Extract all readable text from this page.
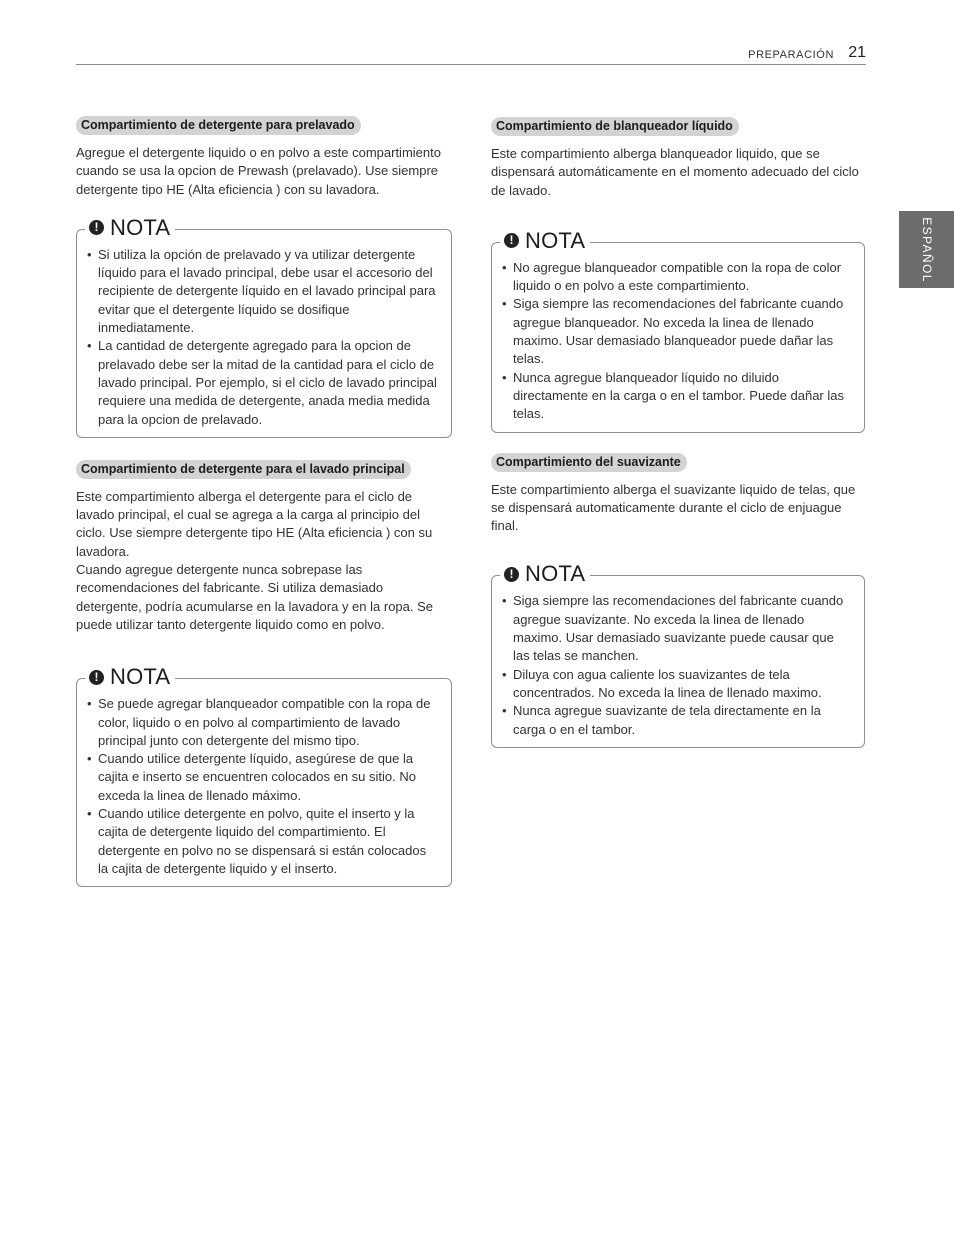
PREPARACIÓN 21
ESPAÑOL
Compartimiento de detergente para prelavado

Agregue el detergente liquido o en polvo a este compartimiento cuando se usa la opcion de Prewash (prelavado). Use siempre detergente tipo HE (Alta eficiencia ) con su lavadora.

! NOTA
• Si utiliza la opción de prelavado y va utilizar detergente líquido para el lavado principal, debe usar el accesorio del recipiente de detergente líquido en el lavado principal para evitar que el detergente líquido se dosifique inmediatamente.
• La cantidad de detergente agregado para la opcion de prelavado debe ser la mitad de la cantidad para el ciclo de lavado principal. Por ejemplo, si el ciclo de lavado principal requiere una medida de detergente, anada media medida para la opcion de prelavado.
Compartimiento de detergente para el lavado principal

Este compartimiento alberga el detergente para el ciclo de lavado principal, el cual se agrega a la carga al principio del ciclo. Use siempre detergente tipo HE (Alta eficiencia ) con su lavadora.

Cuando agregue detergente nunca sobrepase las recomendaciones del fabricante. Si utiliza demasiado detergente, podría acumularse en la lavadora y en la ropa. Se puede utilizar tanto detergente liquido como en polvo.

! NOTA
• Se puede agregar blanqueador compatible con la ropa de color, liquido o en polvo al compartimiento de lavado principal junto con detergente del mismo tipo.
• Cuando utilice detergente líquido, asegúrese de que la cajita e inserto se encuentren colocados en su sitio. No exceda la linea de llenado máximo.
• Cuando utilice detergente en polvo, quite el inserto y la cajita de detergente liquido del compartimiento. El detergente en polvo no se dispensará si están colocados la cajita de detergente liquido y el inserto.
Compartimiento de blanqueador líquido

Este compartimiento alberga blanqueador liquido, que se dispensará automáticamente en el momento adecuado del ciclo de lavado.

! NOTA
• No agregue blanqueador compatible con la ropa de color liquido o en polvo a este compartimiento.
• Siga siempre las recomendaciones del fabricante cuando agregue blanqueador. No exceda la linea de llenado maximo. Usar demasiado blanqueador puede dañar las telas.
• Nunca agregue blanqueador líquido no diluido directamente en la carga o en el tambor. Puede dañar las telas.
Compartimiento del suavizante

Este compartimiento alberga el suavizante liquido de telas, que se dispensará automaticamente durante el ciclo de enjuague final.

! NOTA
• Siga siempre las recomendaciones del fabricante cuando agregue suavizante. No exceda la linea de llenado maximo. Usar demasiado suavizante puede causar que las telas se manchen.
• Diluya con agua caliente los suavizantes de tela concentrados. No exceda la linea de llenado maximo.
• Nunca agregue suavizante de tela directamente en la carga o en el tambor.
